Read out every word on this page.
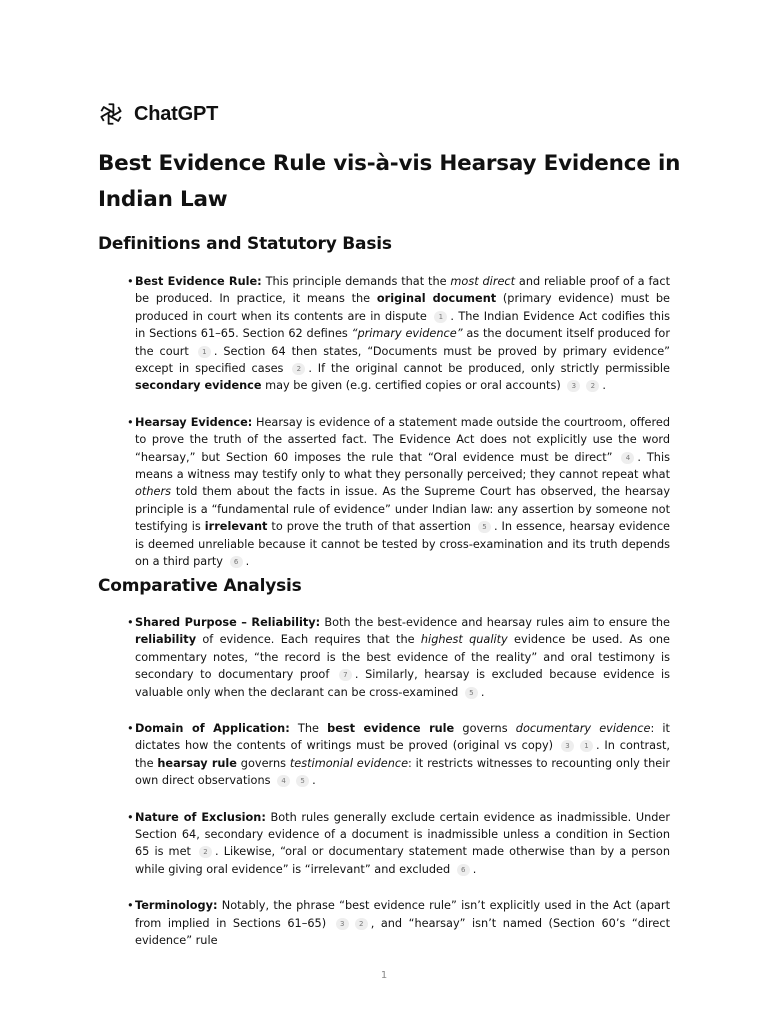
ChatGPT
Best Evidence Rule vis-à-vis Hearsay Evidence in Indian Law
Definitions and Statutory Basis
• Best Evidence Rule: This principle demands that the most direct and reliable proof of a fact be produced. In practice, it means the original document (primary evidence) must be produced in court when its contents are in dispute 1 . The Indian Evidence Act codifies this in Sections 61–65. Section 62 defines “primary evidence” as the document itself produced for the court 1 . Section 64 then states, “Documents must be proved by primary evidence” except in specified cases 2 . If the original cannot be produced, only strictly permissible secondary evidence may be given (e.g. certified copies or oral accounts) 3 2 .
• Hearsay Evidence: Hearsay is evidence of a statement made outside the courtroom, offered to prove the truth of the asserted fact. The Evidence Act does not explicitly use the word “hearsay,” but Section 60 imposes the rule that “Oral evidence must be direct” 4 . This means a witness may testify only to what they personally perceived; they cannot repeat what others told them about the facts in issue. As the Supreme Court has observed, the hearsay principle is a “fundamental rule of evidence” under Indian law: any assertion by someone not testifying is irrelevant to prove the truth of that assertion 5 . In essence, hearsay evidence is deemed unreliable because it cannot be tested by cross-examination and its truth depends on a third party 6 .
Comparative Analysis
• Shared Purpose – Reliability: Both the best-evidence and hearsay rules aim to ensure the reliability of evidence. Each requires that the highest quality evidence be used. As one commentary notes, “the record is the best evidence of the reality” and oral testimony is secondary to documentary proof 7 . Similarly, hearsay is excluded because evidence is valuable only when the declarant can be cross-examined 5 .
• Domain of Application: The best evidence rule governs documentary evidence: it dictates how the contents of writings must be proved (original vs copy) 3 1 . In contrast, the hearsay rule governs testimonial evidence: it restricts witnesses to recounting only their own direct observations 4 5 .
• Nature of Exclusion: Both rules generally exclude certain evidence as inadmissible. Under Section 64, secondary evidence of a document is inadmissible unless a condition in Section 65 is met 2 . Likewise, “oral or documentary statement made otherwise than by a person while giving oral evidence” is “irrelevant” and excluded 6 .
• Terminology: Notably, the phrase “best evidence rule” isn’t explicitly used in the Act (apart from implied in Sections 61–65) 3 2 , and “hearsay” isn’t named (Section 60’s “direct evidence” rule
1
